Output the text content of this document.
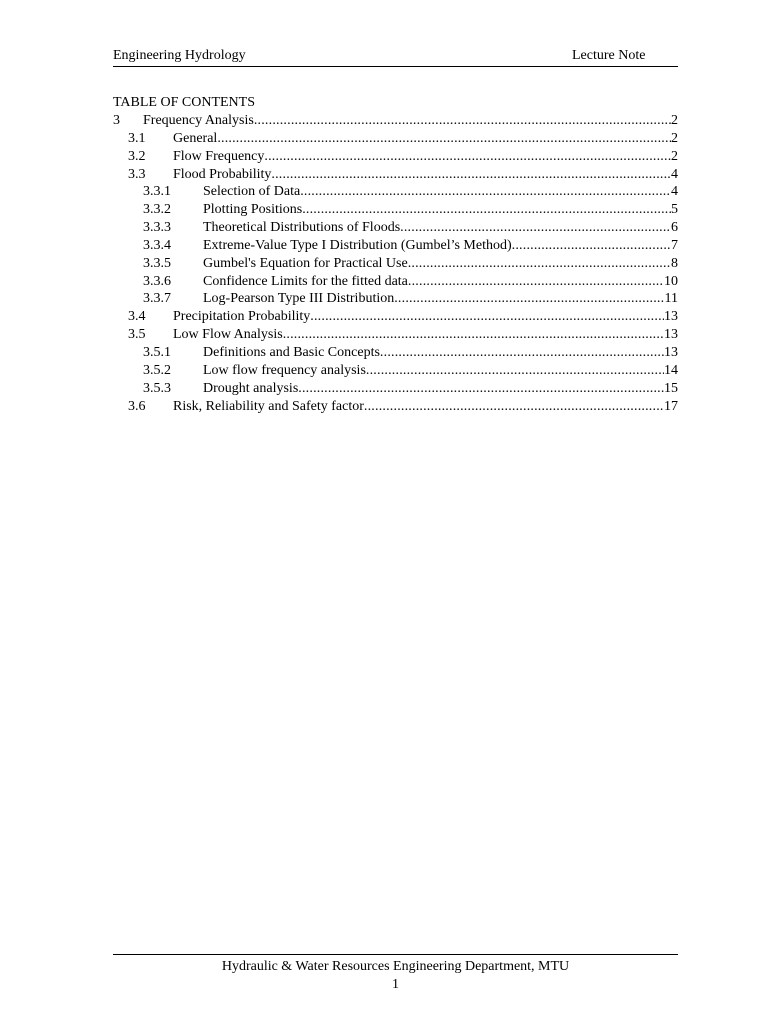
Engineering Hydrology	Lecture Note
TABLE OF CONTENTS
3 Frequency Analysis .....	2
3.1 General .....	2
3.2 Flow Frequency .....	2
3.3 Flood Probability .....	4
3.3.1 Selection of Data .....	4
3.3.2 Plotting Positions .....	5
3.3.3 Theoretical Distributions of Floods .....	6
3.3.4 Extreme-Value Type I Distribution (Gumbel’s Method) .....	7
3.3.5 Gumbel's Equation for Practical Use .....	8
3.3.6 Confidence Limits for the fitted data .....	10
3.3.7 Log-Pearson Type III Distribution .....	11
3.4 Precipitation Probability .....	13
3.5 Low Flow Analysis .....	13
3.5.1 Definitions and Basic Concepts .....	13
3.5.2 Low flow frequency analysis .....	14
3.5.3 Drought analysis .....	15
3.6 Risk, Reliability and Safety factor .....	17
Hydraulic & Water Resources Engineering Department, MTU
1
